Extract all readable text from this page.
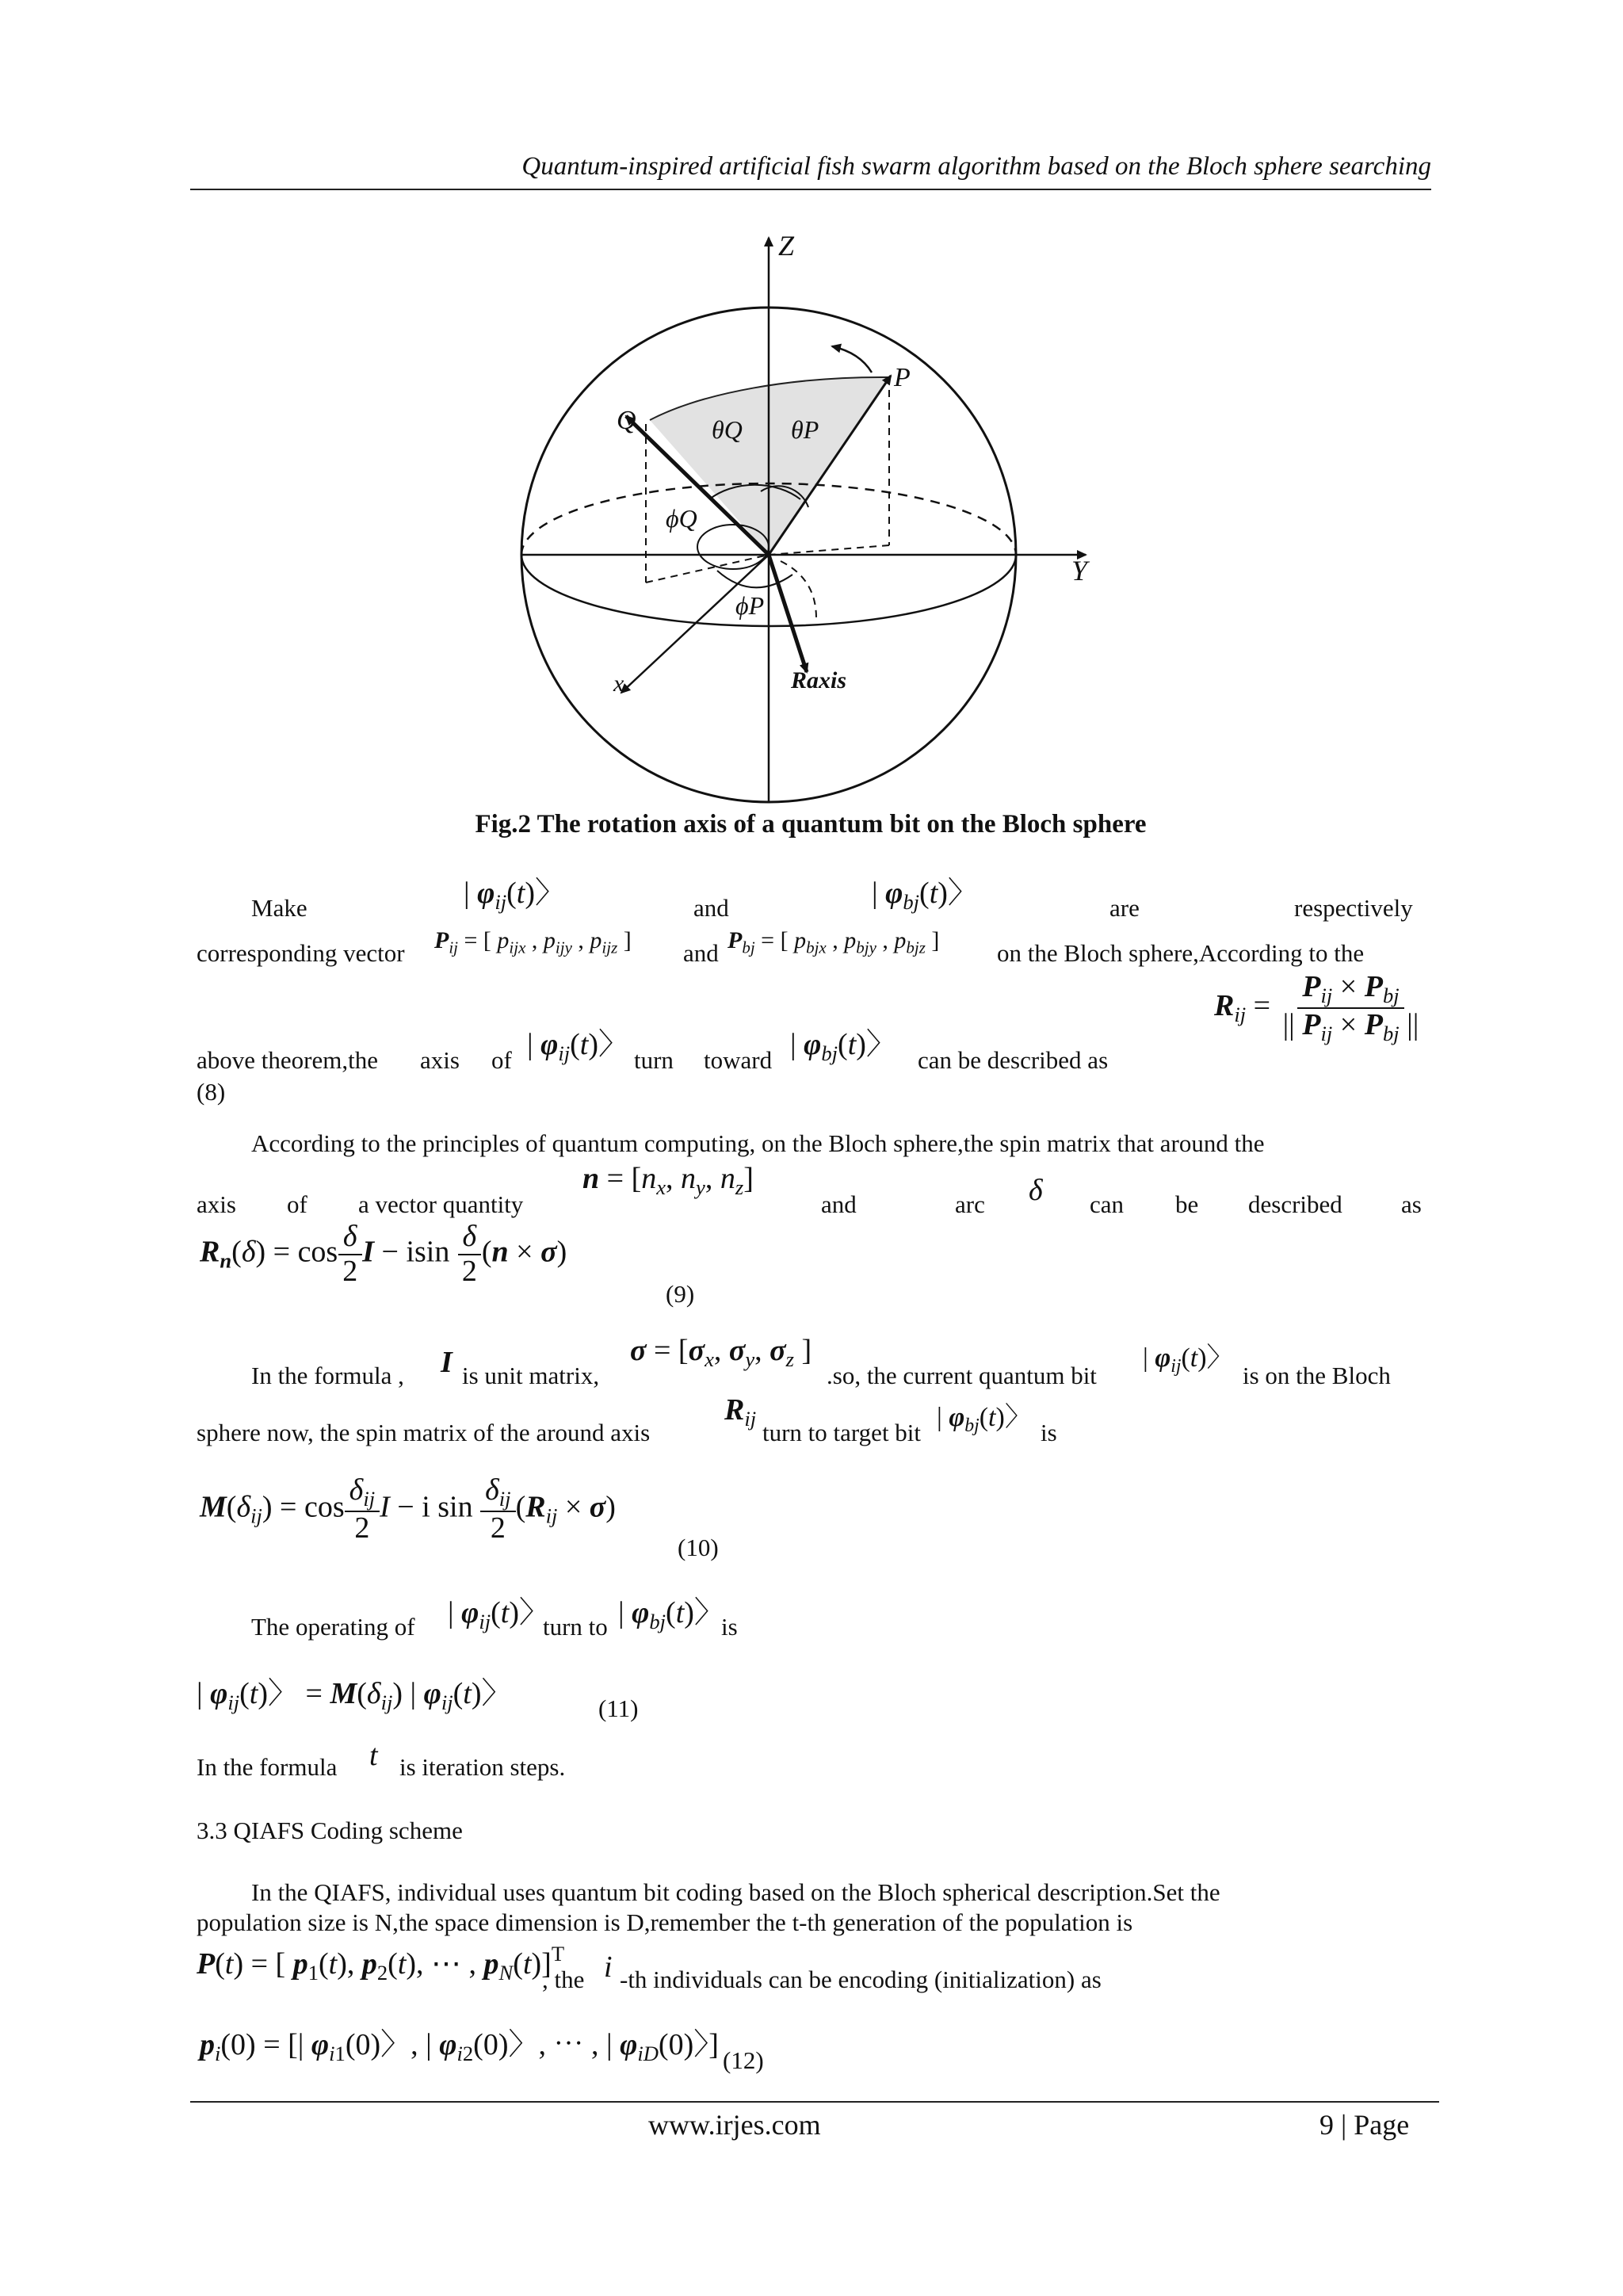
Quantum-inspired artificial fish swarm algorithm based on the Bloch sphere searching
Z
Y
x
P
Q	θQ θP
ϕQ
ϕP
Raxis
Fig.2 The rotation axis of a quantum bit on the Bloch sphere
Make	| $\varphi_{ij}(t)$〉	and	| $\varphi_{bj}(t)$〉	are	respectively
corresponding vector $P_{ij}$ = [ $p_{ijx}$ , $p_{ijy}$ , $p_{ijz}$ ] and $P_{bj}$ = [ $p_{bjx}$ , $p_{bjy}$ , $p_{bjz}$ ] on the Bloch sphere,According to the
above theorem,the axis of | $\varphi_{ij}(t)$〉 turn toward | $\varphi_{bj}(t)$〉 can be described as
$R_{ij} = \frac{P_{ij} \times P_{bj}}{|| P_{ij} \times P_{bj} ||}$
(8)
According to the principles of quantum computing, on the Bloch sphere,the spin matrix that around the
axis of a vector quantity
$n = [n_x$, $n_y$, $n_z$]
and	arc δ can be described as
$R_n(\delta) = \cos \frac{\delta}{2}$ I − isin $\frac{\delta}{2} (n \times \sigma)$
(9)
In the formula , I is unit matrix,
$\sigma = [\sigma_x$, $\sigma_y$, $\sigma_z$ ]
.so, the current quantum bit
| $\varphi_{ij}(t)$〉
is on the Bloch
sphere now, the spin matrix of the around axis
$R_{ij}$
turn to target bit
| $\varphi_{bj}(t)$〉
is
$M(\delta_{ij}) = \cos \frac{\delta_{ij}}{2}$ I − i $\sin \frac{\delta_{ij}}{2} (R_{ij} \times \sigma)$
(10)
The operating of | $\varphi_{ij}(t)$〉
turn to | $\varphi_{bj}(t)$〉
is
| $\varphi_{ij}(t)$〉 = $M(\delta_{ij})$ | $\varphi_{ij}(t)$〉	(11)
In the formula t is iteration steps.
3.3 QIAFS Coding scheme
In the QIAFS, individual uses quantum bit coding based on the Bloch spherical description.Set the
population size is N,the space dimension is D,remember the t-th generation of the population is
P(t) = [ $p_1(t)$, $p_2(t)$, ⋯ , $p_N(t)]^T$
, the i -th individuals can be encoding (initialization) as
$p_i(0)$ = [| $\varphi_{i1}(0)$〉, | $\varphi_{i2}(0)$〉, ⋯ , | $\varphi_{iD}(0)$〉] (12)
www.irjes.com	9 | Page
